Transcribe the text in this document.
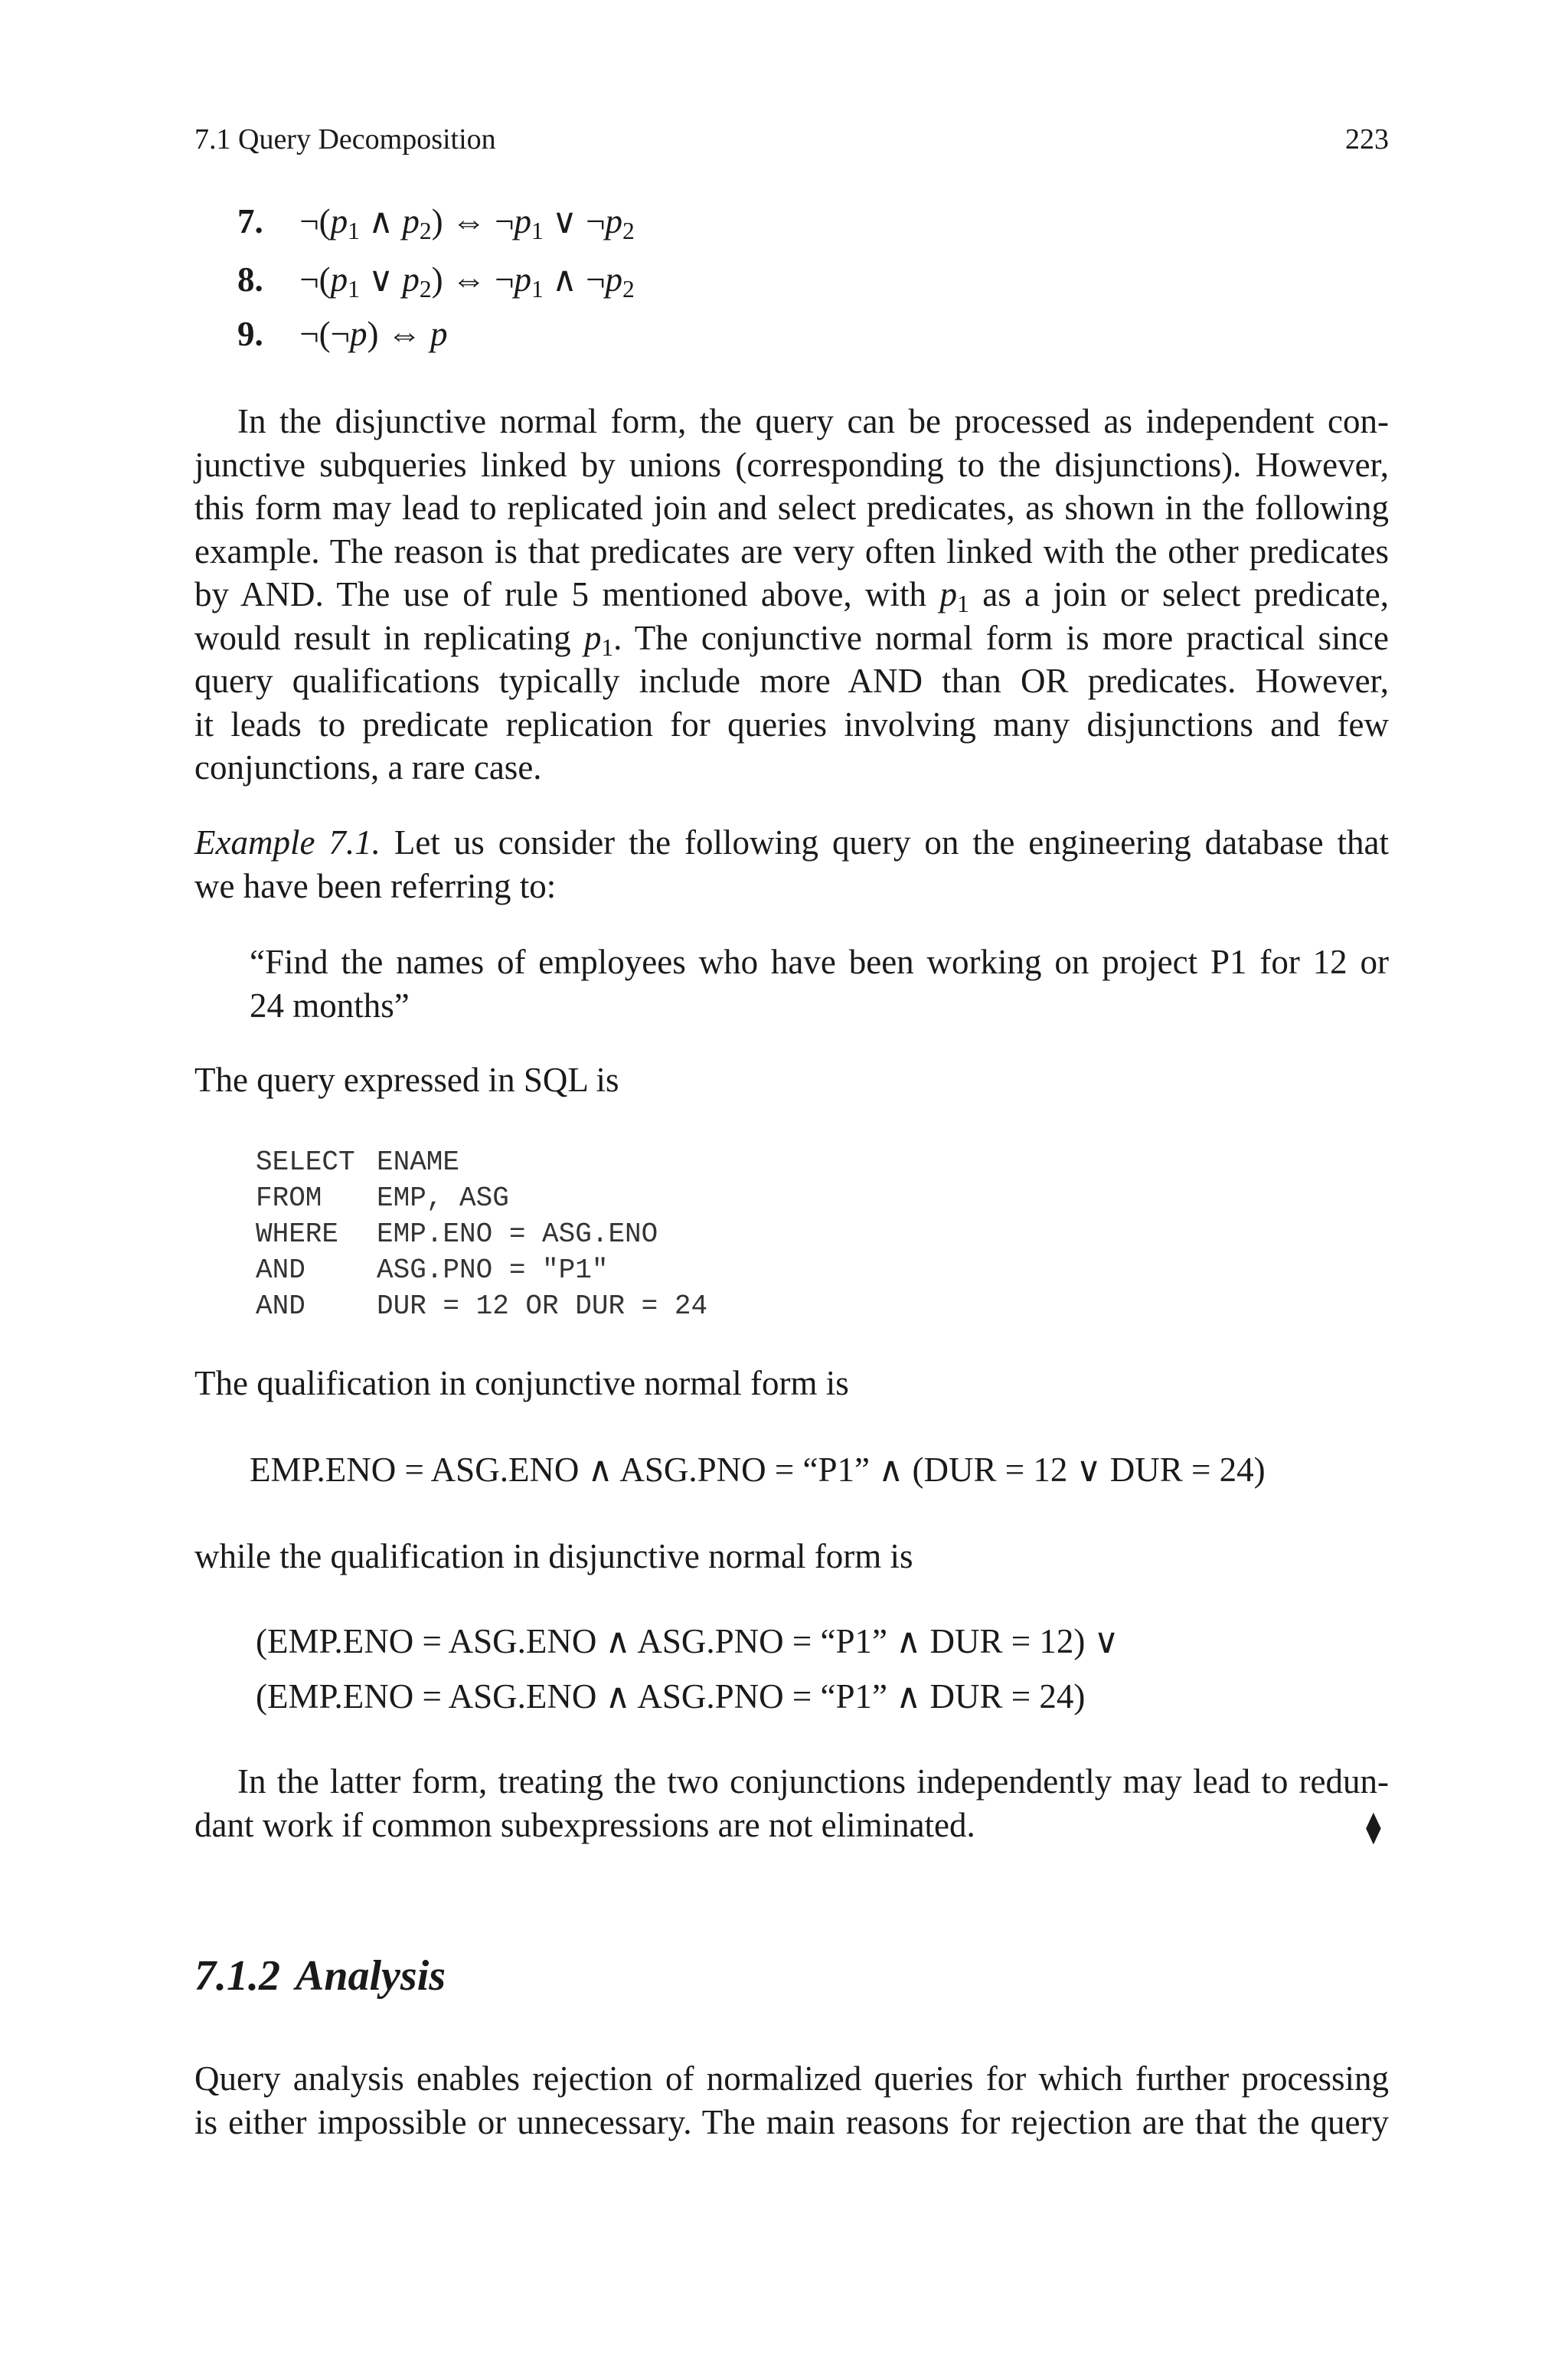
7.1 Query Decomposition	223
7. $\neg(p_1$ ∧ $p_2$) ⇔ $\neg p_1$ ∨ $\neg p_2$
8. $\neg(p_1$ ∨ $p_2$) ⇔ $\neg p_1$ ∧ $\neg p_2$
9. ¬(¬p) ⇔ p
In the disjunctive normal form, the query can be processed as independent con-
junctive subqueries linked by unions (corresponding to the disjunctions). However,
this form may lead to replicated join and select predicates, as shown in the following
example. The reason is that predicates are very often linked with the other predicates
by AND. The use of rule 5 mentioned above, with $p_1$ as a join or select predicate,
would result in replicating $p_1$. The conjunctive normal form is more practical since
query qualifications typically include more AND than OR predicates. However,
it leads to predicate replication for queries involving many disjunctions and few
conjunctions, a rare case.
Example 7.1. Let us consider the following query on the engineering database that
we have been referring to:
“Find the names of employees who have been working on project P1 for 12 or
24 months”
The query expressed in SQL is
SELECT ENAME
FROM EMP, ASG
WHERE EMP.ENO = ASG.ENO
AND	ASG.PNO = "P1"
AND	DUR = 12 OR DUR = 24
The qualification in conjunctive normal form is
EMP.ENO = ASG.ENO ∧ ASG.PNO = “P1” ∧ (DUR = 12 ∨ DUR = 24)
while the qualification in disjunctive normal form is
(EMP.ENO = ASG.ENO ∧ ASG.PNO = “P1” ∧ DUR = 12) ∨
(EMP.ENO = ASG.ENO ∧ ASG.PNO = “P1” ∧ DUR = 24)
In the latter form, treating the two conjunctions independently may lead to redun-
dant work if common subexpressions are not eliminated.	⧫
7.1.2 Analysis
Query analysis enables rejection of normalized queries for which further processing
is either impossible or unnecessary. The main reasons for rejection are that the query
